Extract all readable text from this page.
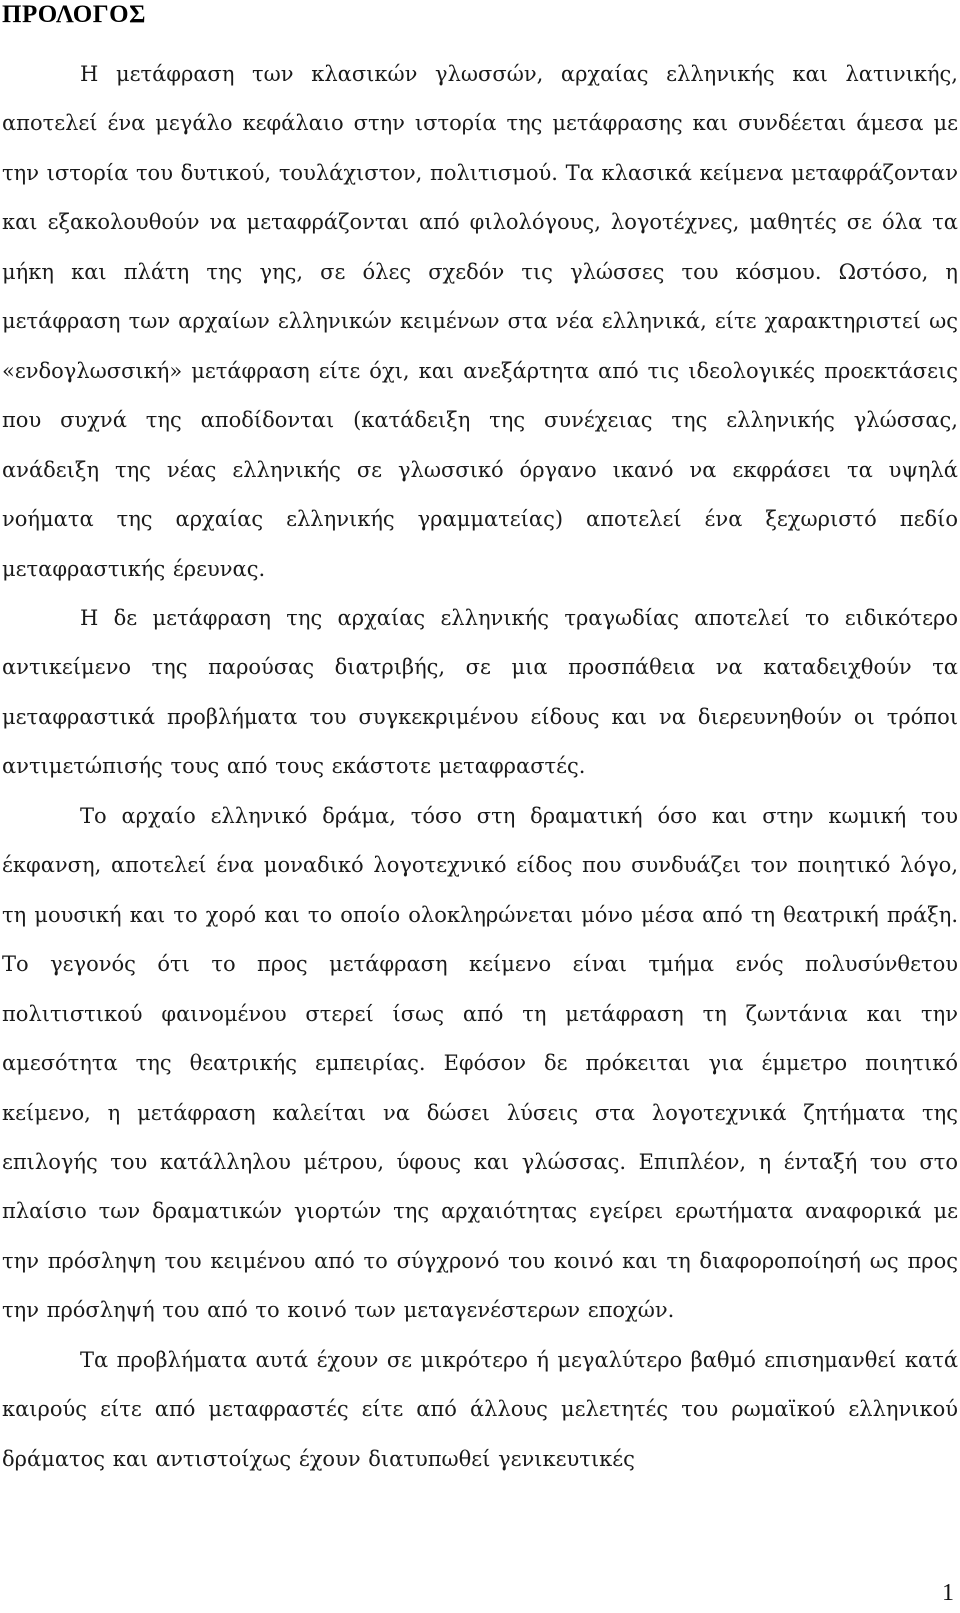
ΠΡΟΛΟΓΟΣ

Η μετάφραση των κλασικών γλωσσών, αρχαίας ελληνικής και λατινικής, αποτελεί ένα μεγάλο κεφάλαιο στην ιστορία της μετάφρασης και συνδέεται άμεσα με την ιστορία του δυτικού, τουλάχιστον, πολιτισμού. Τα κλασικά κείμενα μεταφράζονταν και εξακολουθούν να μεταφράζονται από φιλολόγους, λογοτέχνες, μαθητές σε όλα τα μήκη και πλάτη της γης, σε όλες σχεδόν τις γλώσσες του κόσμου. Ωστόσο, η μετάφραση των αρχαίων ελληνικών κειμένων στα νέα ελληνικά, είτε χαρακτηριστεί ως «ενδογλωσσική» μετάφραση είτε όχι, και ανεξάρτητα από τις ιδεολογικές προεκτάσεις που συχνά της αποδίδονται (κατάδειξη της συνέχειας της ελληνικής γλώσσας, ανάδειξη της νέας ελληνικής σε γλωσσικό όργανο ικανό να εκφράσει τα υψηλά νοήματα της αρχαίας ελληνικής γραμματείας) αποτελεί ένα ξεχωριστό πεδίο μεταφραστικής έρευνας.

Η δε μετάφραση της αρχαίας ελληνικής τραγωδίας αποτελεί το ειδικότερο αντικείμενο της παρούσας διατριβής, σε μια προσπάθεια να καταδειχθούν τα μεταφραστικά προβλήματα του συγκεκριμένου είδους και να διερευνηθούν οι τρόποι αντιμετώπισής τους από τους εκάστοτε μεταφραστές.

Το αρχαίο ελληνικό δράμα, τόσο στη δραματική όσο και στην κωμική του έκφανση, αποτελεί ένα μοναδικό λογοτεχνικό είδος που συνδυάζει τον ποιητικό λόγο, τη μουσική και το χορό και το οποίο ολοκληρώνεται μόνο μέσα από τη θεατρική πράξη. Το γεγονός ότι το προς μετάφραση κείμενο είναι τμήμα ενός πολυσύνθετου πολιτιστικού φαινομένου στερεί ίσως από τη μετάφραση τη ζωντάνια και την αμεσότητα της θεατρικής εμπειρίας. Εφόσον δε πρόκειται για έμμετρο ποιητικό κείμενο, η μετάφραση καλείται να δώσει λύσεις στα λογοτεχνικά ζητήματα της επιλογής του κατάλληλου μέτρου, ύφους και γλώσσας. Επιπλέον, η ένταξή του στο πλαίσιο των δραματικών γιορτών της αρχαιότητας εγείρει ερωτήματα αναφορικά με την πρόσληψη του κειμένου από το σύγχρονό του κοινό και τη διαφοροποίησή ως προς την πρόσληψή του από το κοινό των μεταγενέστερων εποχών.

Τα προβλήματα αυτά έχουν σε μικρότερο ή μεγαλύτερο βαθμό επισημανθεί κατά καιρούς είτε από μεταφραστές είτε από άλλους μελετητές του ρωμαϊκού ελληνικού δράματος και αντιστοίχως έχουν διατυπωθεί γενικευτικές

1
